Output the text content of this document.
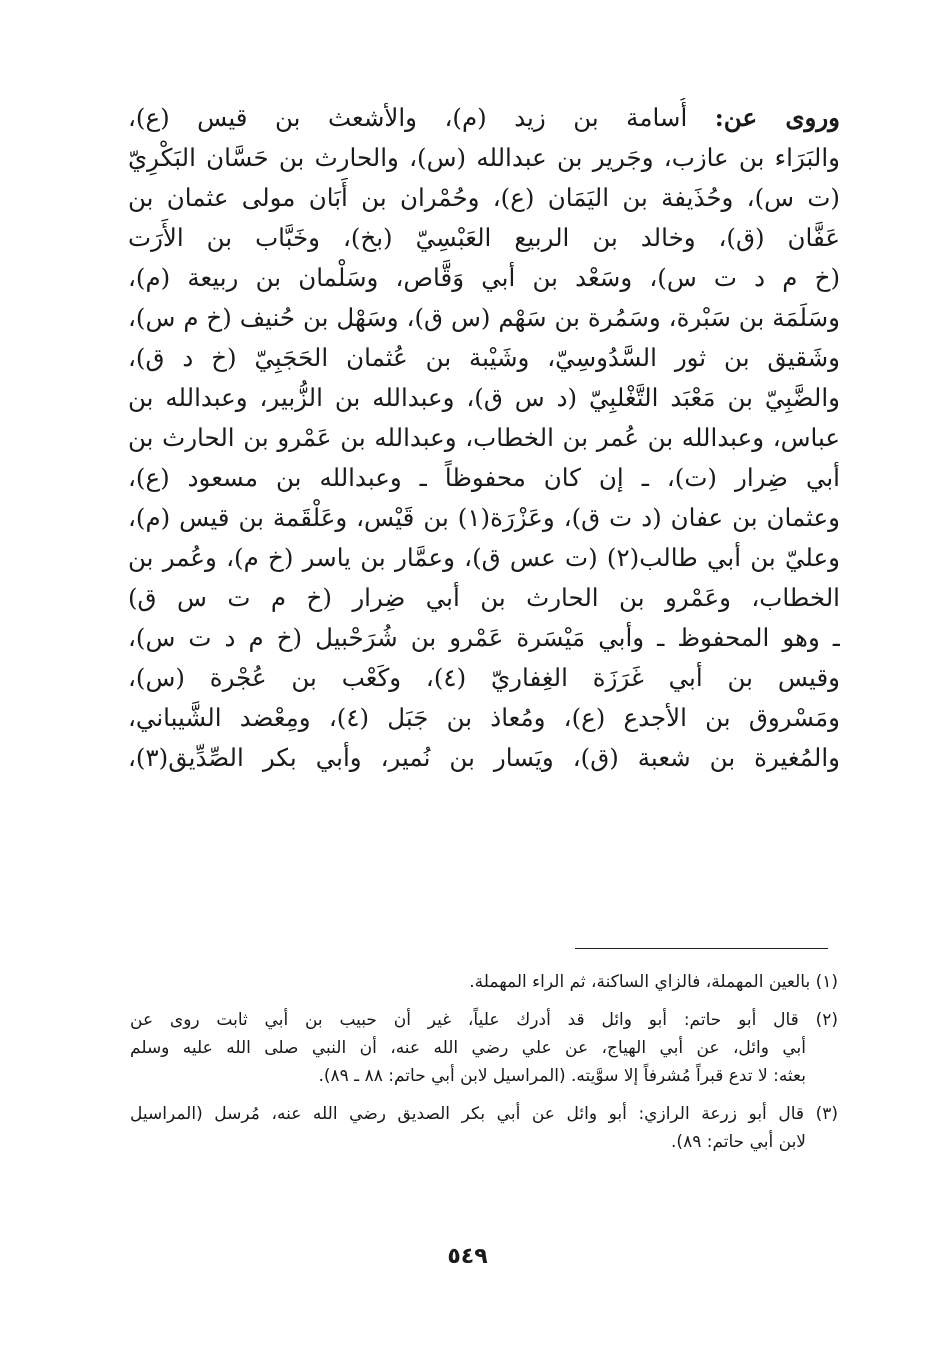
وروى عن: أُسامة بن زيد (م)، والأشعث بن قيس (ع)،
والبَرَاء بن عازب، وجَرير بن عبدالله (س)، والحارث بن حَسَّان البَكْرِيّ
(ت س)، وحُذَيفة بن اليَمَان (ع)، وحُمْران بن أَبَان مولى عثمان بن
عَفَّان (ق)، وخالد بن الربيع العَبْسِيّ (بخ)، وخَبَّاب بن الأَرَت
(خ م د ت س)، وسَعْد بن أبي وَقَّاص، وسَلْمان بن ربيعة (م)،
وسَلَمَة بن سَبْرة، وسَمُرة بن سَهْم (س ق)، وسَهْل بن حُنيف (خ م س)،
وشَقيق بن ثور السَّدُوسِيّ، وشَيْبة بن عُثمان الحَجَبِيّ (خ د ق)،
والضَّبِيّ بن مَعْبَد التَّغْلبِيّ (د س ق)، وعبدالله بن الزُّبير، وعبدالله بن
عباس، وعبدالله بن عُمر بن الخطاب، وعبدالله بن عَمْرو بن الحارث بن
أبي ضِرار (ت)، ـ إن كان محفوظاً ـ وعبدالله بن مسعود (ع)،
وعثمان بن عفان (د ت ق)، وعَزْرَة(١) بن قَيْس، وعَلْقَمة بن قيس (م)،
وعليّ بن أبي طالب(٢) (ت عس ق)، وعمَّار بن ياسر (خ م)، وعُمر بن
الخطاب، وعَمْرو بن الحارث بن أبي ضِرار (خ م ت س ق)
ـ وهو المحفوظ ـ وأبي مَيْسَرة عَمْرو بن شُرَحْبيل (خ م د ت س)،
وقيس بن أبي غَرَزَة الغِفاريّ (٤)، وكَعْب بن عُجْرة (س)،
ومَسْروق بن الأجدع (ع)، ومُعاذ بن جَبَل (٤)، ومِعْضد الشَّيباني،
والمُغيرة بن شعبة (ق)، ويَسار بن نُمير، وأبي بكر الصِّدِّيق(٣)،
(١) بالعين المهملة، فالزاي الساكنة، ثم الراء المهملة.
(٢) قال أبو حاتم: أبو وائل قد أدرك علياً، غير أن حبيب بن أبي ثابت روى عن
أبي وائل، عن أبي الهياج، عن علي رضي الله عنه، أن النبي صلى الله عليه وسلم
بعثه: لا تدع قبراً مُشرفاً إلا سوَّيته. (المراسيل لابن أبي حاتم: ٨٨ ـ ٨٩).
(٣) قال أبو زرعة الرازي: أبو وائل عن أبي بكر الصديق رضي الله عنه، مُرسل (المراسيل
لابن أبي حاتم: ٨٩).
٥٤٩
